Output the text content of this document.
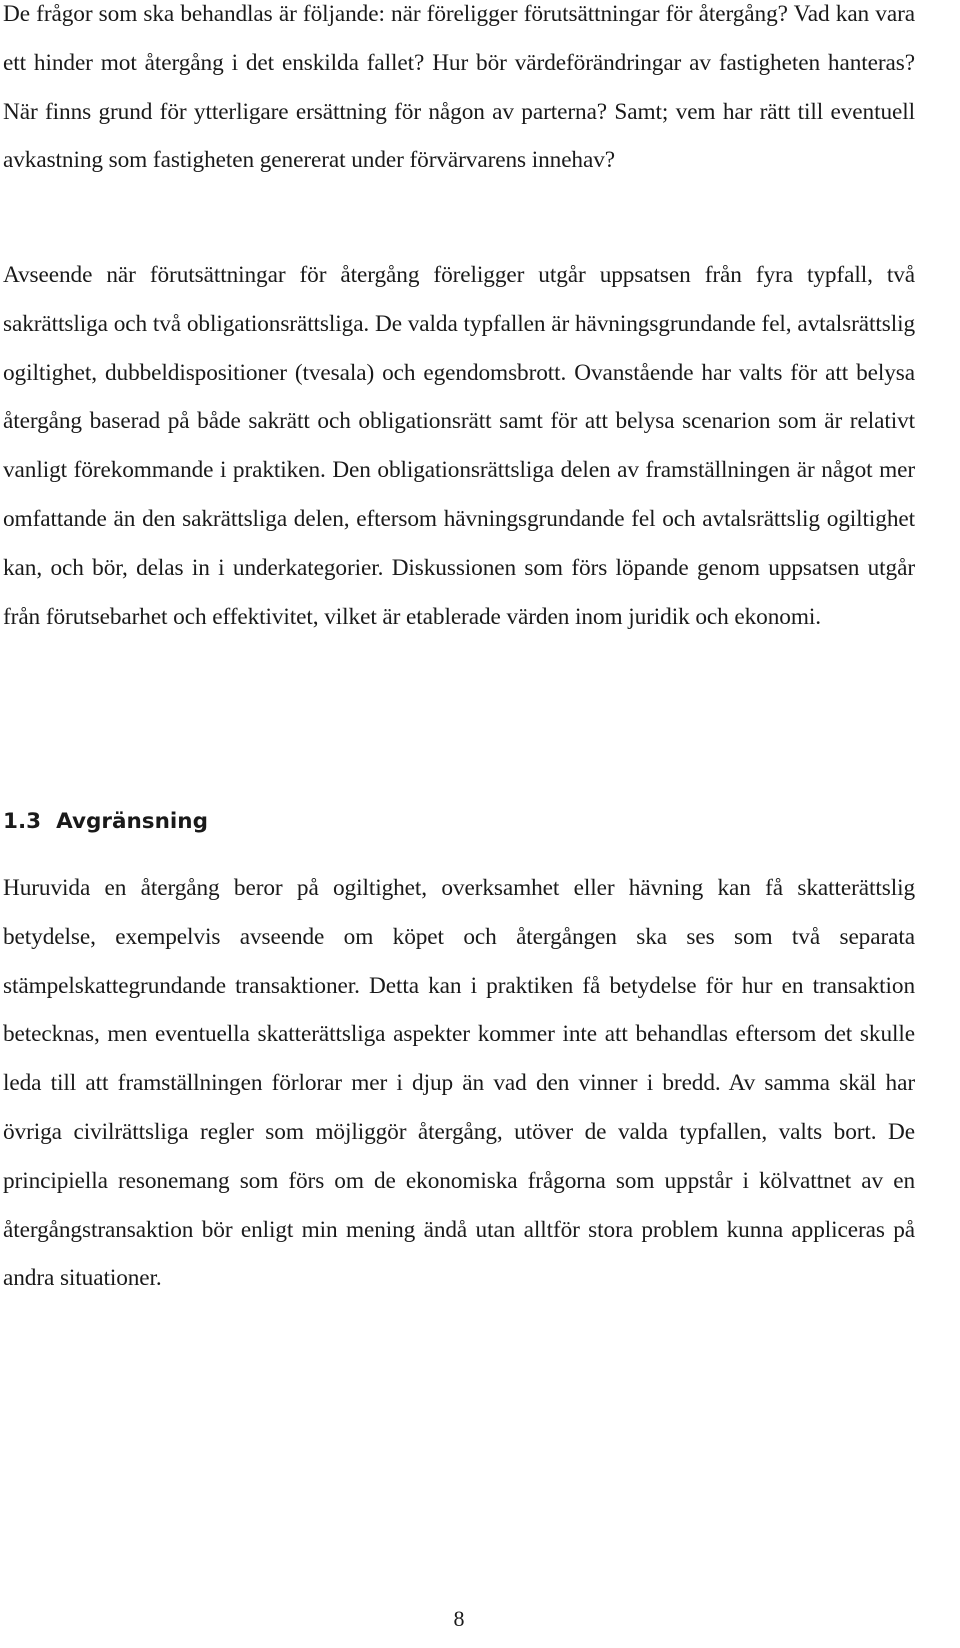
De frågor som ska behandlas är följande: när föreligger förutsättningar för återgång? Vad kan vara ett hinder mot återgång i det enskilda fallet? Hur bör värdeförändringar av fastigheten hanteras? När finns grund för ytterligare ersättning för någon av parterna? Samt; vem har rätt till eventuell avkastning som fastigheten genererat under förvärvarens innehav?

Avseende när förutsättningar för återgång föreligger utgår uppsatsen från fyra typfall, två sakrättsliga och två obligationsrättsliga. De valda typfallen är hävningsgrundande fel, avtalsrättslig ogiltighet, dubbeldispositioner (tvesala) och egendomsbrott. Ovanstående har valts för att belysa återgång baserad på både sakrätt och obligationsrätt samt för att belysa scenarion som är relativt vanligt förekommande i praktiken. Den obligationsrättsliga delen av framställningen är något mer omfattande än den sakrättsliga delen, eftersom hävningsgrundande fel och avtalsrättslig ogiltighet kan, och bör, delas in i underkategorier. Diskussionen som förs löpande genom uppsatsen utgår från förutsebarhet och effektivitet, vilket är etablerade värden inom juridik och ekonomi.

1.3 Avgränsning

Huruvida en återgång beror på ogiltighet, overksamhet eller hävning kan få skatterättslig betydelse, exempelvis avseende om köpet och återgången ska ses som två separata stämpelskattegrundande transaktioner. Detta kan i praktiken få betydelse för hur en transaktion betecknas, men eventuella skatterättsliga aspekter kommer inte att behandlas eftersom det skulle leda till att framställningen förlorar mer i djup än vad den vinner i bredd. Av samma skäl har övriga civilrättsliga regler som möjliggör återgång, utöver de valda typfallen, valts bort. De principiella resonemang som förs om de ekonomiska frågorna som uppstår i kölvattnet av en återgångstransaktion bör enligt min mening ändå utan alltför stora problem kunna appliceras på andra situationer.

8
